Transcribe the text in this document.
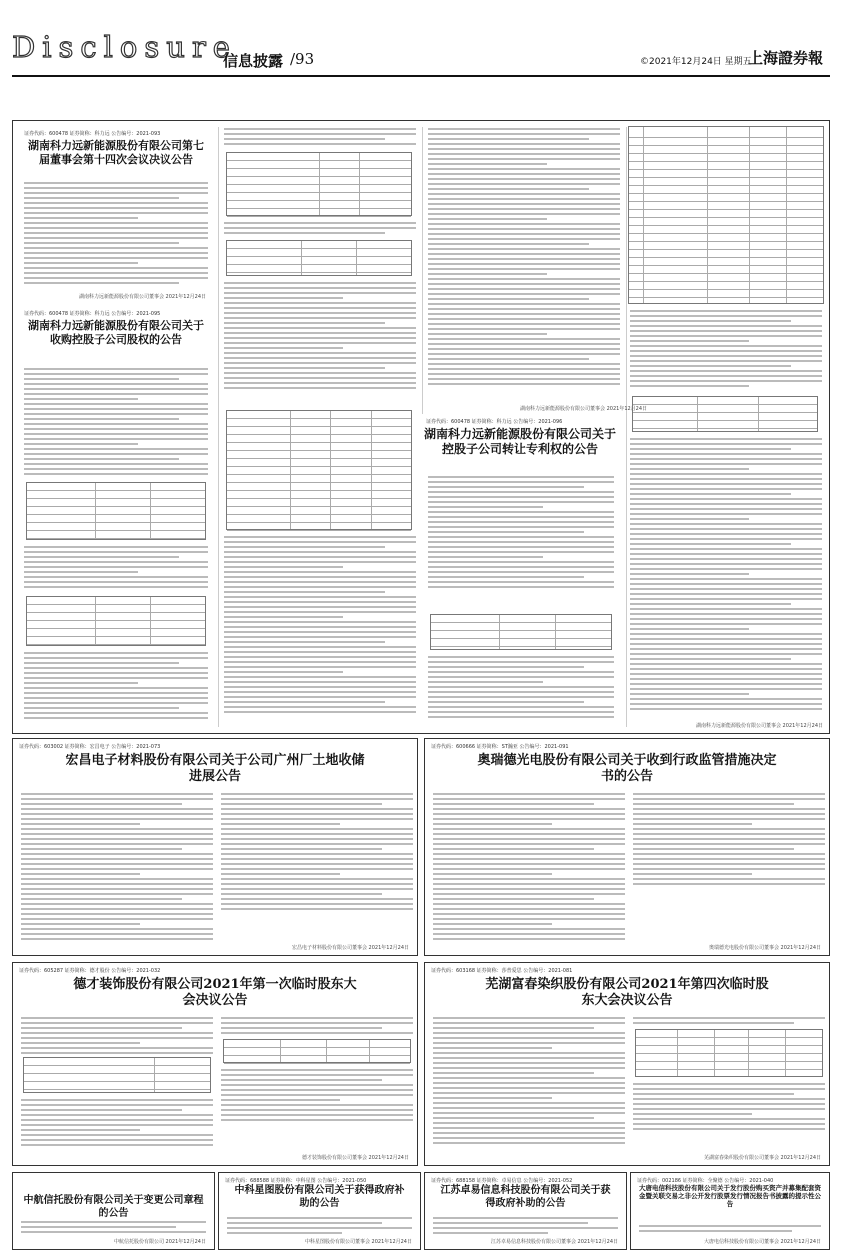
Disclosure
信息披露 /93	©2021年12月24日 星期五
上海證券報
证券代码：600478 证券简称：科力远 公告编号：2021-093
湖南科力远新能源股份有限公司第七届董事会第十四次会议决议公告
湖南科力远新能源股份有限公司董事会 2021年12月24日
证券代码：600478 证券简称：科力远 公告编号：2021-095
湖南科力远新能源股份有限公司关于收购控股子公司股权的公告
湖南科力远新能源股份有限公司董事会 2021年12月24日
证券代码：600478 证券简称：科力远 公告编号：2021-096
湖南科力远新能源股份有限公司关于控股子公司转让专利权的公告
湖南科力远新能源股份有限公司董事会 2021年12月24日
证券代码：603002 证券简称：宏昌电子 公告编号：2021-073
宏昌电子材料股份有限公司关于公司广州厂土地收储进展公告
宏昌电子材料股份有限公司董事会 2021年12月24日
证券代码：600666 证券简称：ST瀚亚 公告编号：2021-091
奥瑞德光电股份有限公司关于收到行政监管措施决定书的公告
奥瑞德光电股份有限公司董事会 2021年12月24日
证券代码：605287 证券简称：德才股份 公告编号：2021-032
德才装饰股份有限公司2021年第一次临时股东大会决议公告
德才装饰股份有限公司董事会 2021年12月24日
证券代码：603168 证券简称：莎普爱思 公告编号：2021-081
芜湖富春染织股份有限公司2021年第四次临时股东大会决议公告
芜湖富春染织股份有限公司董事会 2021年12月24日
中航信托股份有限公司关于变更公司章程的公告
中航信托股份有限公司 2021年12月24日
证券代码：688588 证券简称：中科星图 公告编号：2021-050
中科星图股份有限公司关于获得政府补助的公告
中科星图股份有限公司董事会 2021年12月24日
证券代码：688158 证券简称：卓易信息 公告编号：2021-052
江苏卓易信息科技股份有限公司关于获得政府补助的公告
江苏卓易信息科技股份有限公司董事会 2021年12月24日
证券代码：002186 证券简称：全聚德 公告编号：2021-040
大唐电信科技股份有限公司关于发行股份购买资产并募集配套资金暨关联交易之非公开发行股票发行情况报告书披露的提示性公告
大唐电信科技股份有限公司董事会 2021年12月24日
